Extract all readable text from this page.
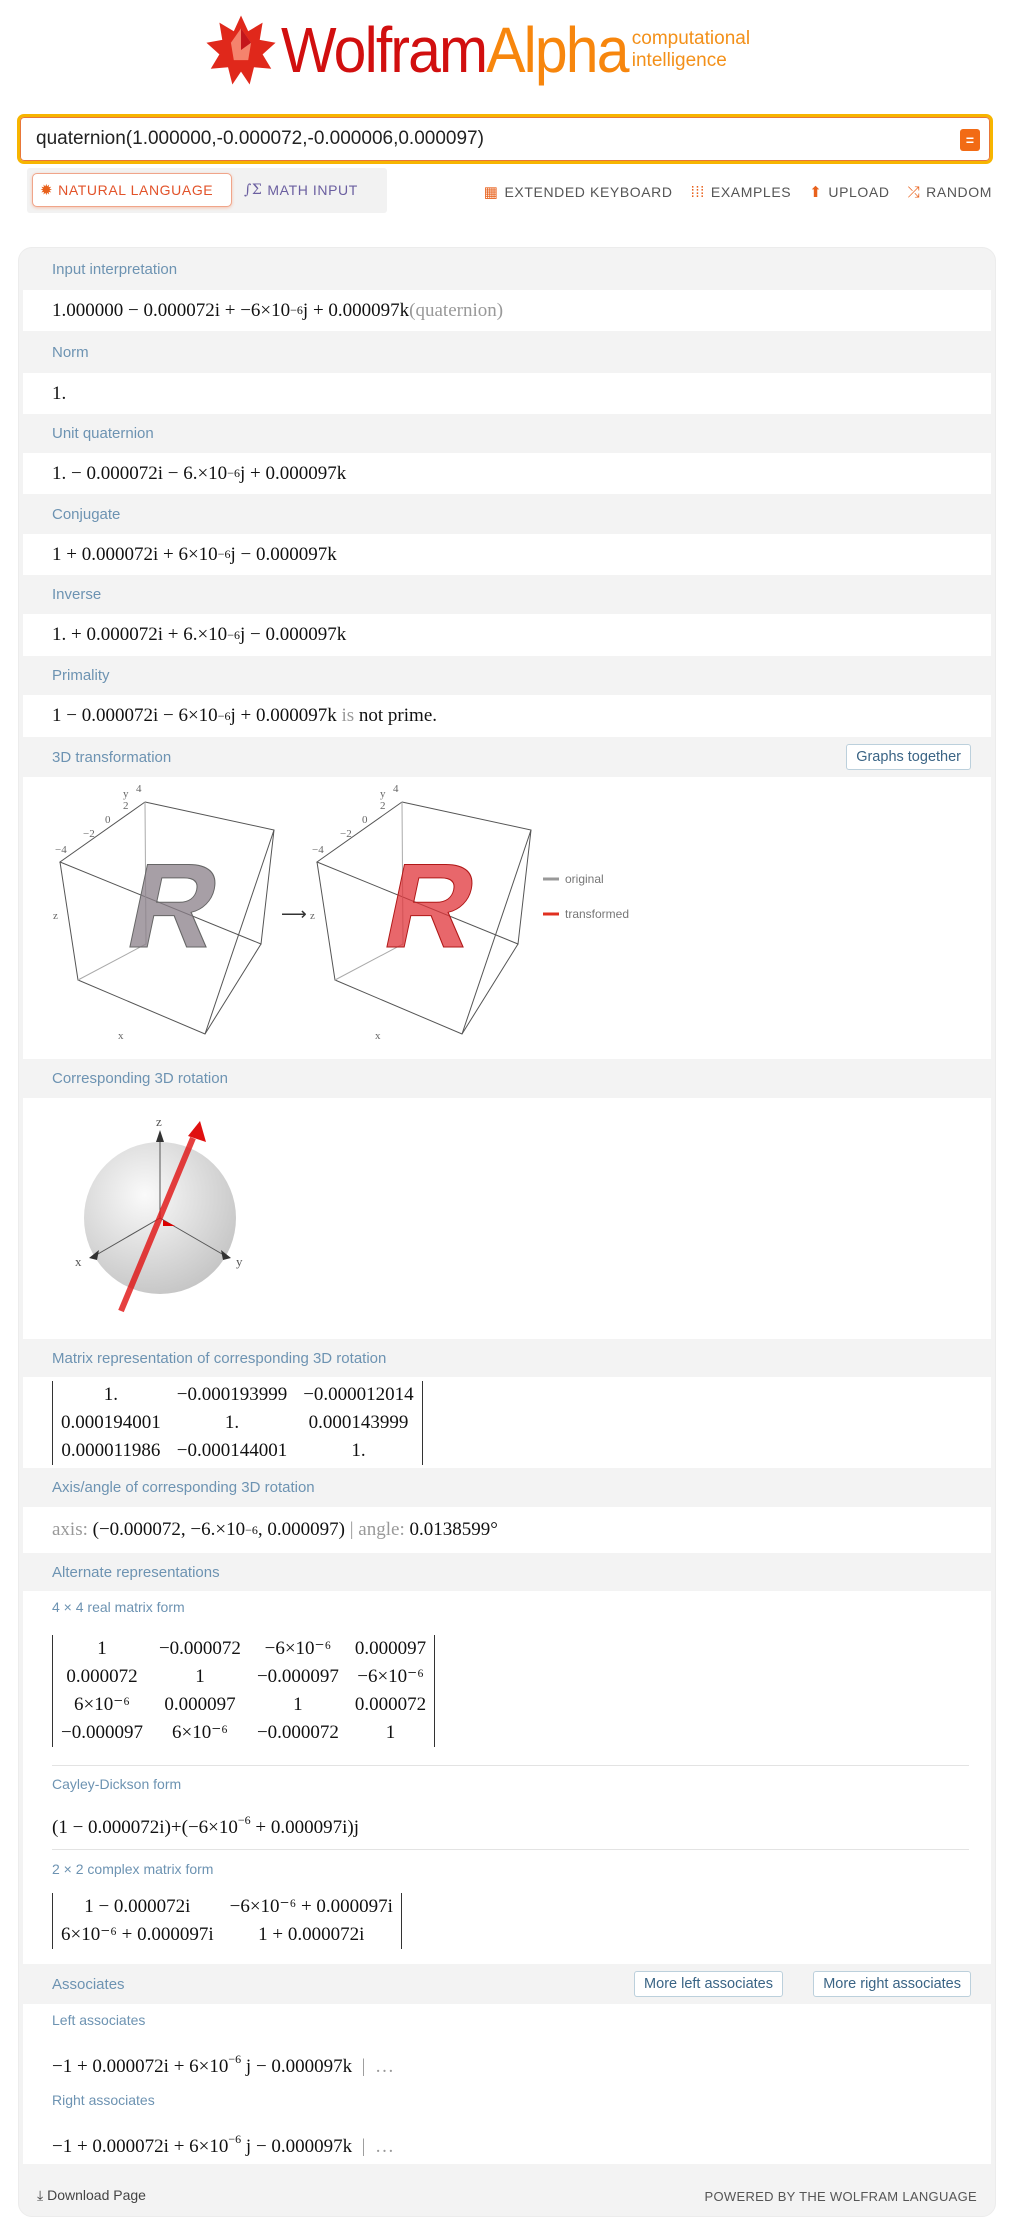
WolframAlpha computational
intelligence
quaternion(1.000000,-0.000072,-0.000006,0.000097)
=
✹ NATURAL LANGUAGE ∫Σ MATH INPUT	▦ EXTENDED KEYBOARD ⁞⁞⁞ EXAMPLES ⬆ UPLOAD ⤮ RANDOM
Input interpretation
1.000000 − 0.000072i + −6×10 −6 j + 0.000097k (quaternion)
Norm
1.
Unit quaternion
1. − 0.000072i − 6.×10 −6 j + 0.000097k
Conjugate
1 + 0.000072i + 6×10 −6 j − 0.000097k
Inverse
1. + 0.000072i + 6.×10 −6 j − 0.000097k
Primality
1 − 0.000072i − 6×10 −6 j + 0.000097k is not prime.
3D transformation	Graphs together
R R
⟶
y
z
x
y
z
x
4
2
0
−2
−4
4
2
0
−2
−4
original
transformed
Corresponding 3D rotation
z
x	y
Matrix representation of corresponding 3D rotation
1.	−0.000193999	−0.000012014
0.000194001	1.	0.000143999
0.000011986	−0.000144001	1.
Axis/angle of corresponding 3D rotation
axis: (−0.000072, −6.×10 −6 , 0.000097) | angle: 0.0138599°
Alternate representations
4 × 4 real matrix form
1	−0.000072	−6×10⁻⁶	0.000097
0.000072	1	−0.000097	−6×10⁻⁶
6×10⁻⁶	0.000097	1	0.000072
−0.000097	6×10⁻⁶	−0.000072	1
Cayley-Dickson form
$(1 - 0.000072i)+(-6\times 10^{-6} + 0.000097i)j$
2 × 2 complex matrix form
1 − 0.000072i	−6×10⁻⁶ + 0.000097i
6×10⁻⁶ + 0.000097i	1 + 0.000072i
Associates	More left associates	More right associates
Left associates
$-1 + 0.000072i + 6\times 10^{-6}$ j − 0.000097k  |  …
Right associates
$-1 + 0.000072i + 6\times 10^{-6}$ j − 0.000097k  |  …
⤓ Download Page	POWERED BY THE WOLFRAM LANGUAGE
